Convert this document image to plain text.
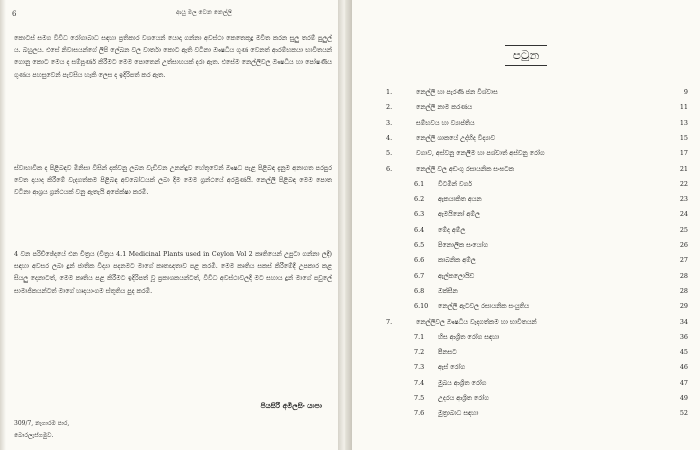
6	ආයු මල වෙන නෙල්ලි

කොටස් සමග විවිධ රෝගාබාධ සඳහා ප්‍රතිකාර වශයෙන් යොදා ගන්නා අවස්ථා කෙතෙකුදු මවිත කරන සුලු තරම් පුලුල් ය. බහුලය. එසේ නිවාසයන්ගේ ලිපි ලේඛන වල වාර්තා කොට ඇති වටිනා ඖෂධීය ගුණ වෙනත් ආරම්භකයා භාවිතයන් ගොනු කොට මෙය ද සම්පූර්ණ කිරීමට මෙම පොතෙන් උත්සාහයක් දරා ඇත. එසේම නෙල්ලිවල ඖෂධීය හා පෝෂණීය ගුණය පහසුවෙන් පැවසිය හැකි ලෙස ද ඉදිරිපත් කර ඇත.

ස්වාභාවික ද පිළිබඳව මිනිසා විසින් දක්වනු ලබන වැඩිවන උනන්දුව හේතුවෙන් ඖෂධ පැළ පිළිබඳ දැනුම අනාගත පරපුර වෙත දායාද කිරීමේ වැදගත්කම පිළිබඳ අවබෝධයක් ලබා දීම මෙම ග්‍රන්ථයේ අරමුණයි. නෙල්ලි පිළිබඳ මෙම පොත වටිනා ආශ්‍රය ග්‍රන්ථයක් වනු ඇතැයි අපේක්ෂා කරමි.

4 වන පරිච්ඡේදයේ එන චිත්‍රය (චිත්‍රය 4.1 Medicinal Plants used in Ceylon Vol 2 කෘතියෙන් උපුටා ගන්නා ලදී) සඳහා අවසර ලබා දුන් ජාතික විද්‍යා පදනමට මාගේ කෘතඥතාව පළ කරමි. මෙම කෘතිය සකස් කිරීමේදී උපකාර කළ සියලු දෙනාටත්, මෙම කෘතිය පළ කිරීමට ඉදිරිපත් වූ ප්‍රකාශකයන්ටත්, විවිධ අවස්ථාවලදී මට සහාය දුන් මාගේ පවුලේ සාමාජිකයන්ටත් මාගේ හෘදයාංගම ස්තූතිය පුද කරමි.

පියසිරි අමිලසිං යාපා
309/7, නෑගාරම පාර,
බොරලැස්ගමුව.
පටුන
1.	නෙල්ලි හා පැරණි ජන විශ්වාස	9
2.	නෙල්ලි නාම කරණය	11
3.	සම්භවය හා ව්‍යාප්තිය	13
4.	නෙල්ලි ශාකයේ උද්භිද විද්‍යාව	15
5.	වගාව, අස්වනු නෙලීම හා පශ්චාත් අස්වනු රෝග	17
6.	නෙල්ලි වල අඩංගු රසායනික සංඝටක	21
6.1 විටමින් වර්ග	22
6.2 ඇකයාකිත අයන	23
6.3 ඇමයිනෝ අම්ල	24
6.4 මේද අම්ල	25
6.5 පිනොලික සංයෝග	26
6.6 කාබනික අම්ල	27
6.7 ඇල්කලොයිඩ	28
6.8 ඔක්සීන	28
6.10 නෙල්ලි ඇටවල රසායනික සංයුතිය	29
7.	නෙල්ලිවල ඖෂධීය වැදගත්කම හා භාවිතයන්	34
7.1 හිස ආශ්‍රිත රෝග සඳහා	36
7.2 පීනසට	45
7.3 ඇස් රෝග	46
7.4 මුඛය ආශ්‍රිත රෝග	47
7.5 උදරය ආශ්‍රිත රෝග	49
7.6 මුත්‍රාබාධ සඳහා	52
